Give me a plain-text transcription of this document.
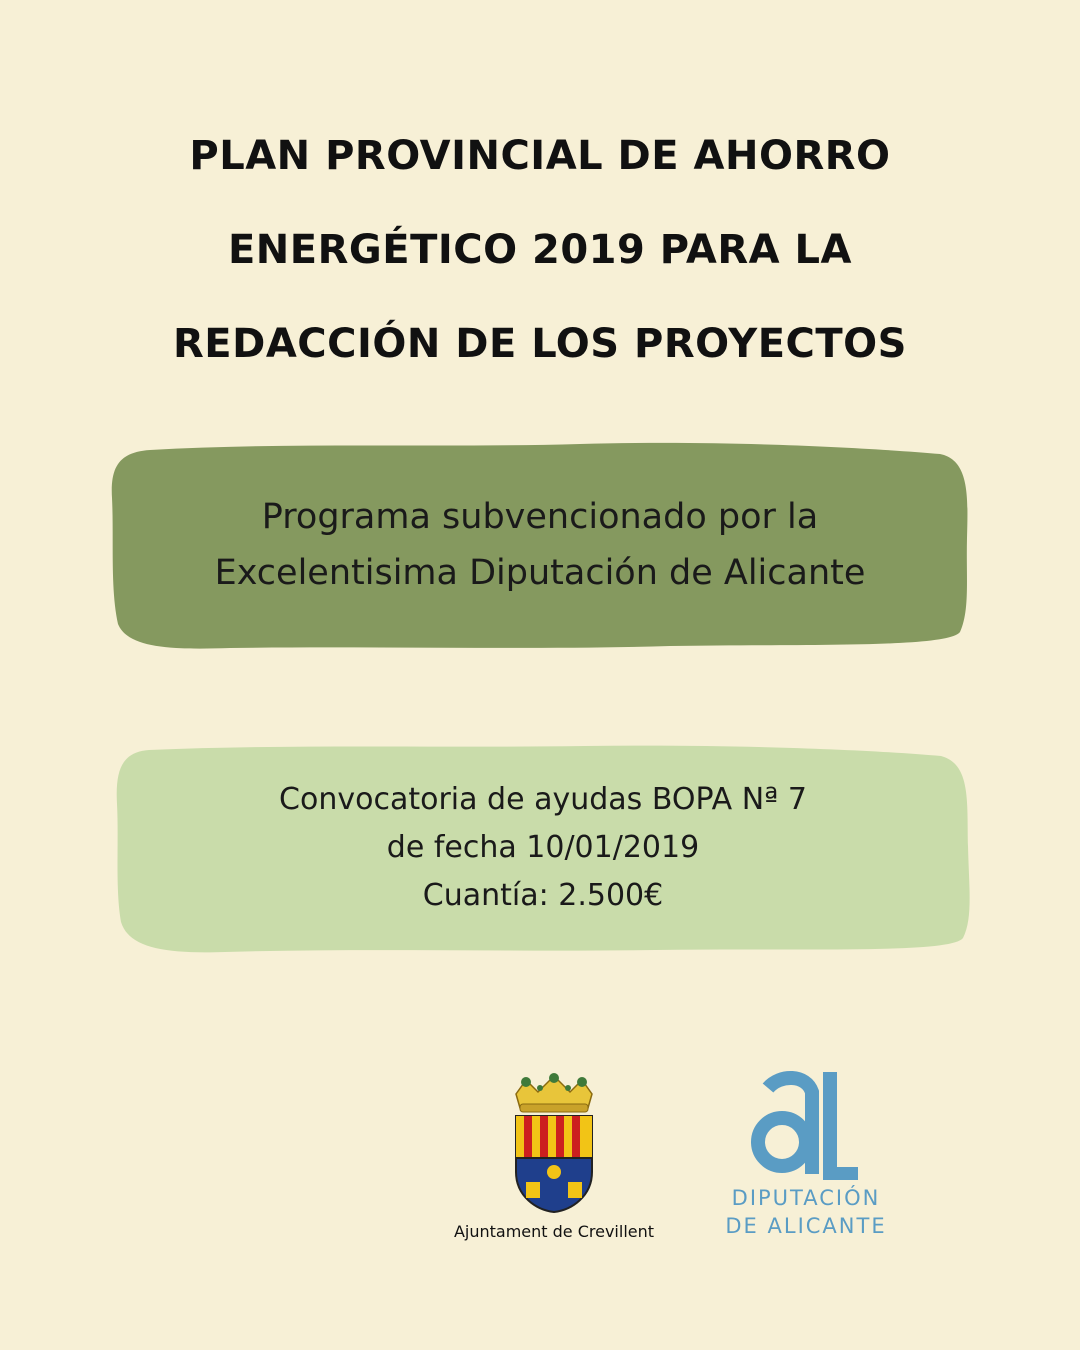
PLAN PROVINCIAL DE AHORRO
ENERGÉTICO 2019 PARA LA
REDACCIÓN DE LOS PROYECTOS
Programa subvencionado por la
Excelentisima Diputación de Alicante
Convocatoria de ayudas BOPA Nª 7
de fecha 10/01/2019
Cuantía: 2.500€
Ajuntament de Crevillent
DIPUTACIÓN
DE ALICANTE
